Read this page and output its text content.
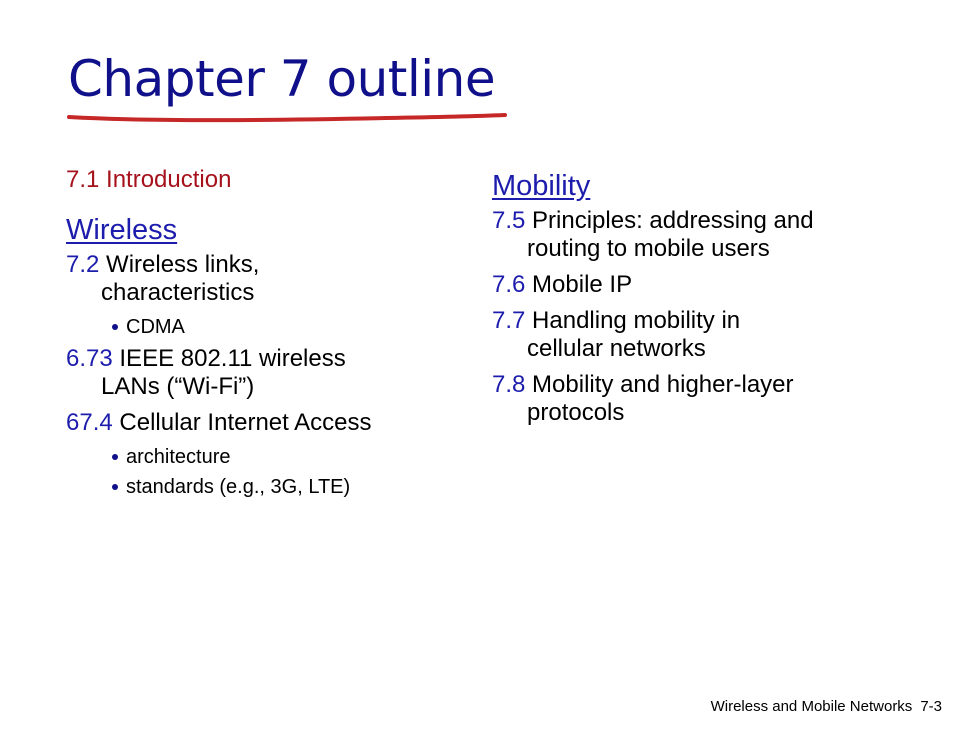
Chapter 7 outline
7.1 Introduction
Wireless
7.2 Wireless links,
characteristics
CDMA
6.73 IEEE 802.11 wireless
LANs (“Wi-Fi”)
67.4 Cellular Internet Access
architecture
standards (e.g., 3G, LTE)
Mobility
7.5 Principles: addressing and
routing to mobile users
7.6 Mobile IP
7.7 Handling mobility in
cellular networks
7.8 Mobility and higher-layer
protocols
Wireless and Mobile Networks 7-3
